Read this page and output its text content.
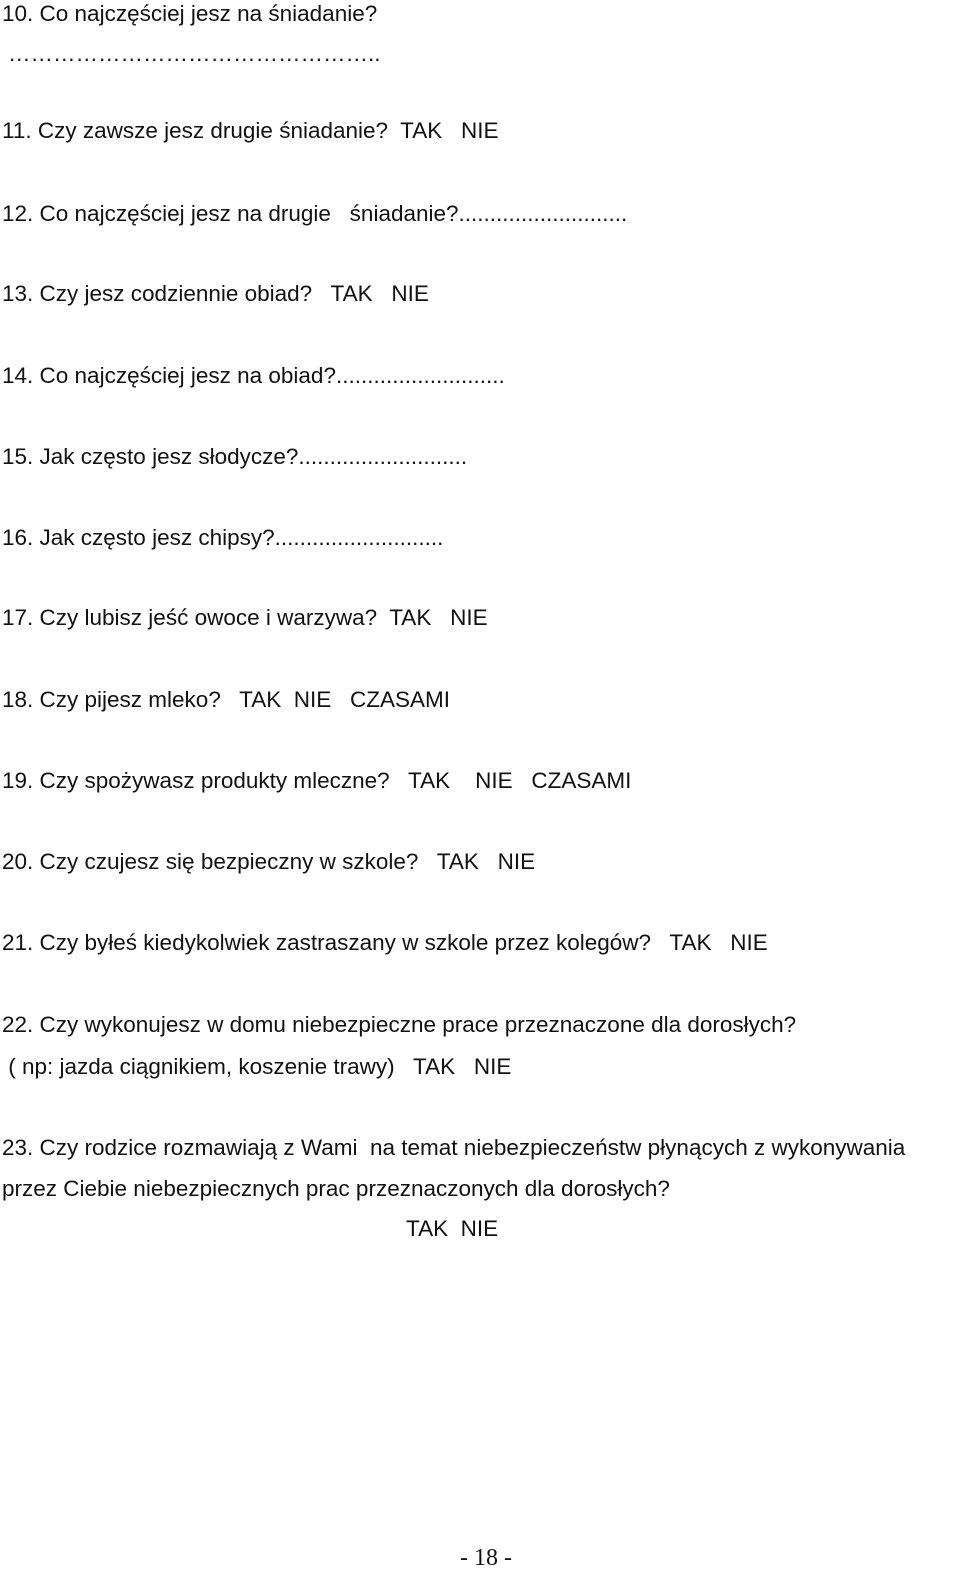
10. Co najczęściej jesz na śniadanie?

…………………………………………..

11. Czy zawsze jesz drugie śniadanie?  TAK   NIE

12. Co najczęściej jesz na drugie   śniadanie?...........................

13. Czy jesz codziennie obiad?   TAK   NIE

14. Co najczęściej jesz na obiad?...........................

15. Jak często jesz słodycze?...........................

16. Jak często jesz chipsy?...........................

17. Czy lubisz jeść owoce i warzywa?  TAK   NIE

18. Czy pijesz mleko?   TAK  NIE   CZASAMI

19. Czy spożywasz produkty mleczne?   TAK    NIE   CZASAMI

20. Czy czujesz się bezpieczny w szkole?   TAK   NIE

21. Czy byłeś kiedykolwiek zastraszany w szkole przez kolegów?   TAK   NIE

22. Czy wykonujesz w domu niebezpieczne prace przeznaczone dla dorosłych?

( np: jazda ciągnikiem, koszenie trawy)   TAK   NIE

23. Czy rodzice rozmawiają z Wami  na temat niebezpieczeństw płynących z wykonywania

przez Ciebie niebezpiecznych prac przeznaczonych dla dorosłych?

TAK  NIE

- 18 -
